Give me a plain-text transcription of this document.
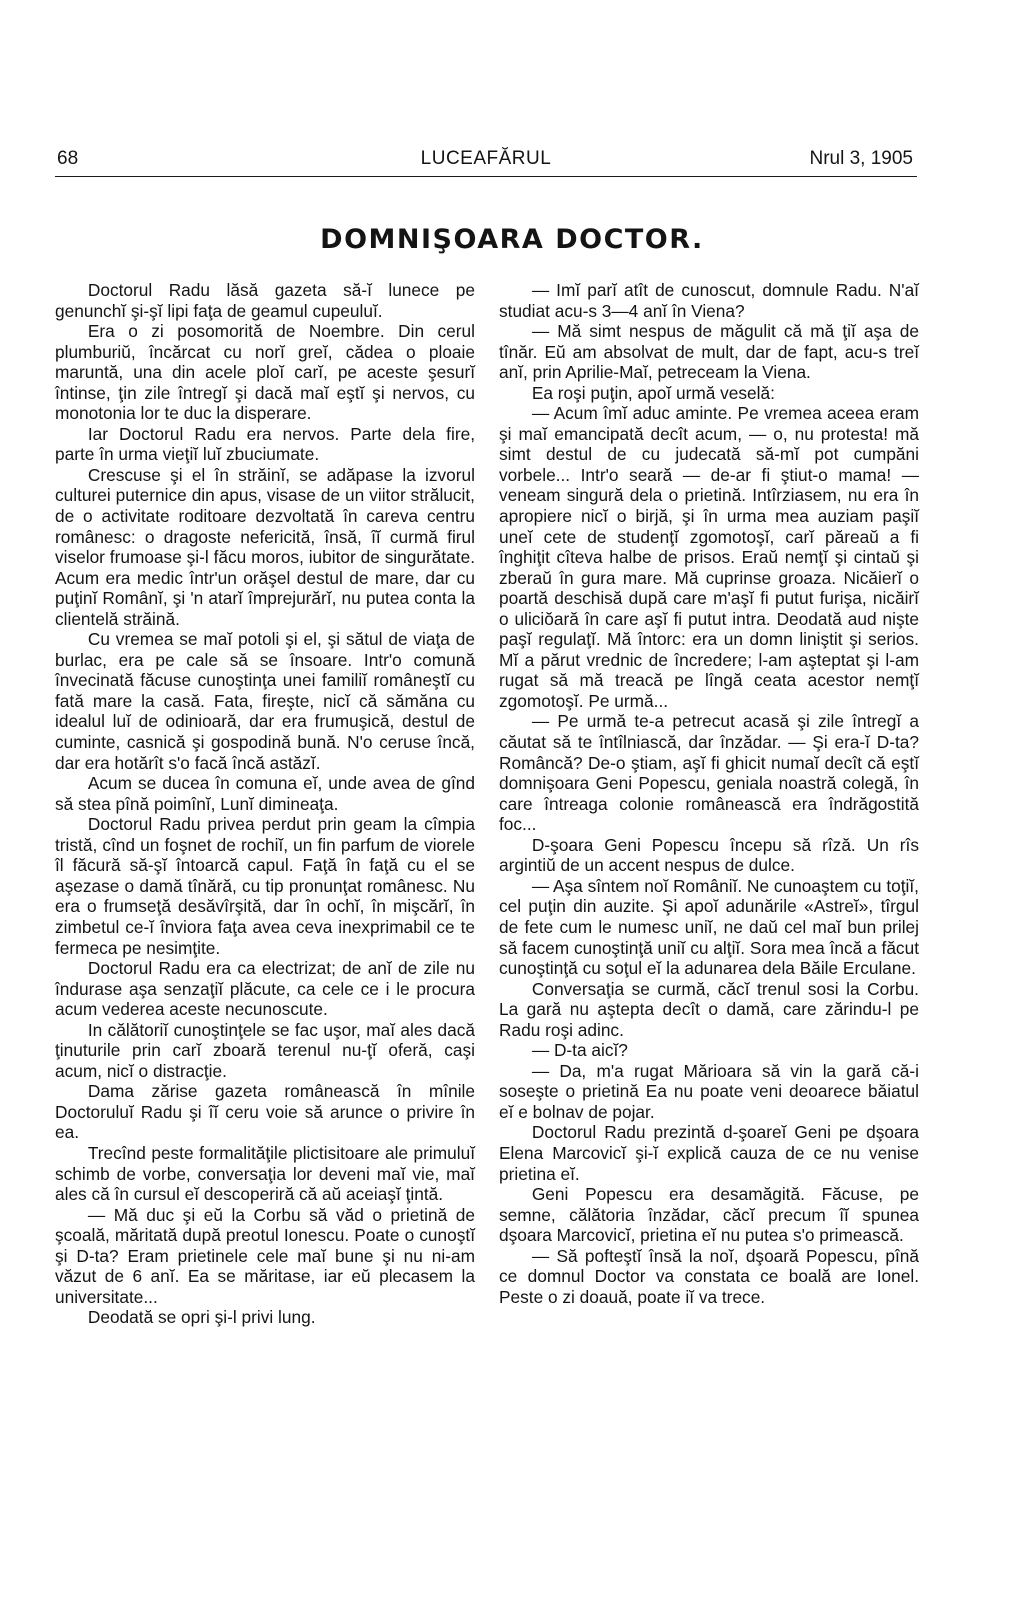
68	LUCEAFĂRUL	Nrul 3, 1905
DOMNIŞOARA DOCTOR.

Doctorul Radu lăsă gazeta să-ĭ lunece pe genunchĭ şi-şĭ lipi faţa de geamul cupeuluĭ.

Era o zi posomorită de Noembre. Din cerul plumburiŭ, încărcat cu norĭ greĭ, cădea o ploaie maruntă, una din acele ploĭ carĭ, pe aceste şesurĭ întinse, ţin zile întregĭ şi dacă maĭ eştĭ şi nervos, cu monotonia lor te duc la disperare.

Iar Doctorul Radu era nervos. Parte dela fire, parte în urma vieţiĭ luĭ zbuciumate.

Crescuse şi el în străinĭ, se adăpase la izvorul culturei puternice din apus, visase de un viitor strălucit, de o activitate roditoare dezvoltată în careva centru românesc: o dragoste nefericită, însă, îĭ curmă firul viselor frumoase şi-l făcu moros, iubitor de singurătate. Acum era medic într'un orăşel destul de mare, dar cu puţinĭ Românĭ, şi 'n atarĭ împrejurărĭ, nu putea conta la clientelă străină.

Cu vremea se maĭ potoli şi el, şi sătul de viaţa de burlac, era pe cale să se însoare. Intr'o comună învecinată făcuse cunoştinţa unei familiĭ româneştĭ cu fată mare la casă. Fata, fireşte, nicĭ că sămăna cu idealul luĭ de odinioară, dar era frumuşică, destul de cuminte, casnică şi gospodină bună. N'o ceruse încă, dar era hotărît s'o facă încă astăzĭ.

Acum se ducea în comuna eĭ, unde avea de gînd să stea pînă poimînĭ, Lunĭ dimineaţa.

Doctorul Radu privea perdut prin geam la cîmpia tristă, cînd un foşnet de rochiĭ, un fin parfum de viorele îl făcură să-şĭ întoarcă capul. Faţă în faţă cu el se aşezase o damă tînără, cu tip pronunţat românesc. Nu era o frumseţă desăvîrşită, dar în ochĭ, în mişcărĭ, în zimbetul ce-ĭ înviora faţa avea ceva inexprimabil ce te fermeca pe nesimţite.

Doctorul Radu era ca electrizat; de anĭ de zile nu îndurase aşa senzaţiĭ plăcute, ca cele ce i le procura acum vederea aceste necunoscute.

In călătoriĭ cunoştinţele se fac uşor, maĭ ales dacă ţinuturile prin carĭ zboară terenul nu-ţĭ oferă, caşi acum, nicĭ o distracţie.

Dama zărise gazeta românească în mînile Doctoruluĭ Radu şi îĭ ceru voie să arunce o privire în ea.

Trecînd peste formalităţile plictisitoare ale primuluĭ schimb de vorbe, conversaţia lor deveni maĭ vie, maĭ ales că în cursul eĭ descoperiră că aŭ aceiaşĭ ţintă.

— Mă duc şi eŭ la Corbu să văd o prietină de şcoală, măritată după preotul Ionescu. Poate o cunoştĭ şi D-ta? Eram prietinele cele maĭ bune şi nu ni-am văzut de 6 anĭ. Ea se măritase, iar eŭ plecasem la universitate...

Deodată se opri şi-l privi lung.

— Imĭ parĭ atît de cunoscut, domnule Radu. N'aĭ studiat acu-s 3—4 anĭ în Viena?

— Mă simt nespus de măgulit că mă ţiĭ aşa de tînăr. Eŭ am absolvat de mult, dar de fapt, acu-s treĭ anĭ, prin Aprilie-Maĭ, petreceam la Viena.

Ea roşi puţin, apoĭ urmă veselă:

— Acum îmĭ aduc aminte. Pe vremea aceea eram şi maĭ emancipată decît acum, — o, nu protesta! mă simt destul de cu judecată să-mĭ pot cumpăni vorbele... Intr'o seară — de-ar fi ştiut-o mama! — veneam singură dela o prietină. Intîrziasem, nu era în apropiere nicĭ o birjă, şi în urma mea auziam paşiĭ uneĭ cete de studenţĭ zgomotoşĭ, carĭ păreaŭ a fi înghiţit cîteva halbe de prisos. Eraŭ nemţĭ şi cintaŭ şi zberaŭ în gura mare. Mă cuprinse groaza. Nicăierĭ o poartă deschisă după care m'aşĭ fi putut furişa, nicăirĭ o uliciŏară în care aşĭ fi putut intra. Deodată aud nişte paşĭ regulaţĭ. Mă întorc: era un domn liniştit şi serios. Mĭ a părut vrednic de încredere; l-am aşteptat şi l-am rugat să mă treacă pe lîngă ceata acestor nemţĭ zgomotoşĭ. Pe urmă...

— Pe urmă te-a petrecut acasă şi zile întregĭ a căutat să te întîlniască, dar înzădar. — Şi era-ĭ D-ta? Româncă? De-o ştiam, aşĭ fi ghicit numaĭ decît că eştĭ domnişoara Geni Popescu, geniala noastră colegă, în care întreaga colonie românească era îndrăgostită foc...

D-şoara Geni Popescu începu să rîză. Un rîs argintiŭ de un accent nespus de dulce.

— Aşa sîntem noĭ Româniĭ. Ne cunoaştem cu toţiĭ, cel puţin din auzite. Şi apoĭ adunările «Astreĭ», tîrgul de fete cum le numesc uniĭ, ne daŭ cel maĭ bun prilej să facem cunoştinţă uniĭ cu alţiĭ. Sora mea încă a făcut cunoştinţă cu soţul eĭ la adunarea dela Băile Erculane.

Conversaţia se curmă, căcĭ trenul sosi la Corbu. La gară nu aştepta decît o damă, care zărindu-l pe Radu roşi adinc.

— D-ta aicĭ?

— Da, m'a rugat Mărioara să vin la gară că-i soseşte o prietină Ea nu poate veni deoarece băiatul eĭ e bolnav de pojar.

Doctorul Radu prezintă d-şoareĭ Geni pe dşoara Elena Marcovicĭ şi-ĭ explică cauza de ce nu venise prietina eĭ.

Geni Popescu era desamăgită. Făcuse, pe semne, călătoria înzădar, căcĭ precum îĭ spunea dşoara Marcovicĭ, prietina eĭ nu putea s'o primească.

— Să pofteştĭ însă la noĭ, dşoară Popescu, pînă ce domnul Doctor va constata ce boală are Ionel. Peste o zi doauă, poate iĭ va trece.
